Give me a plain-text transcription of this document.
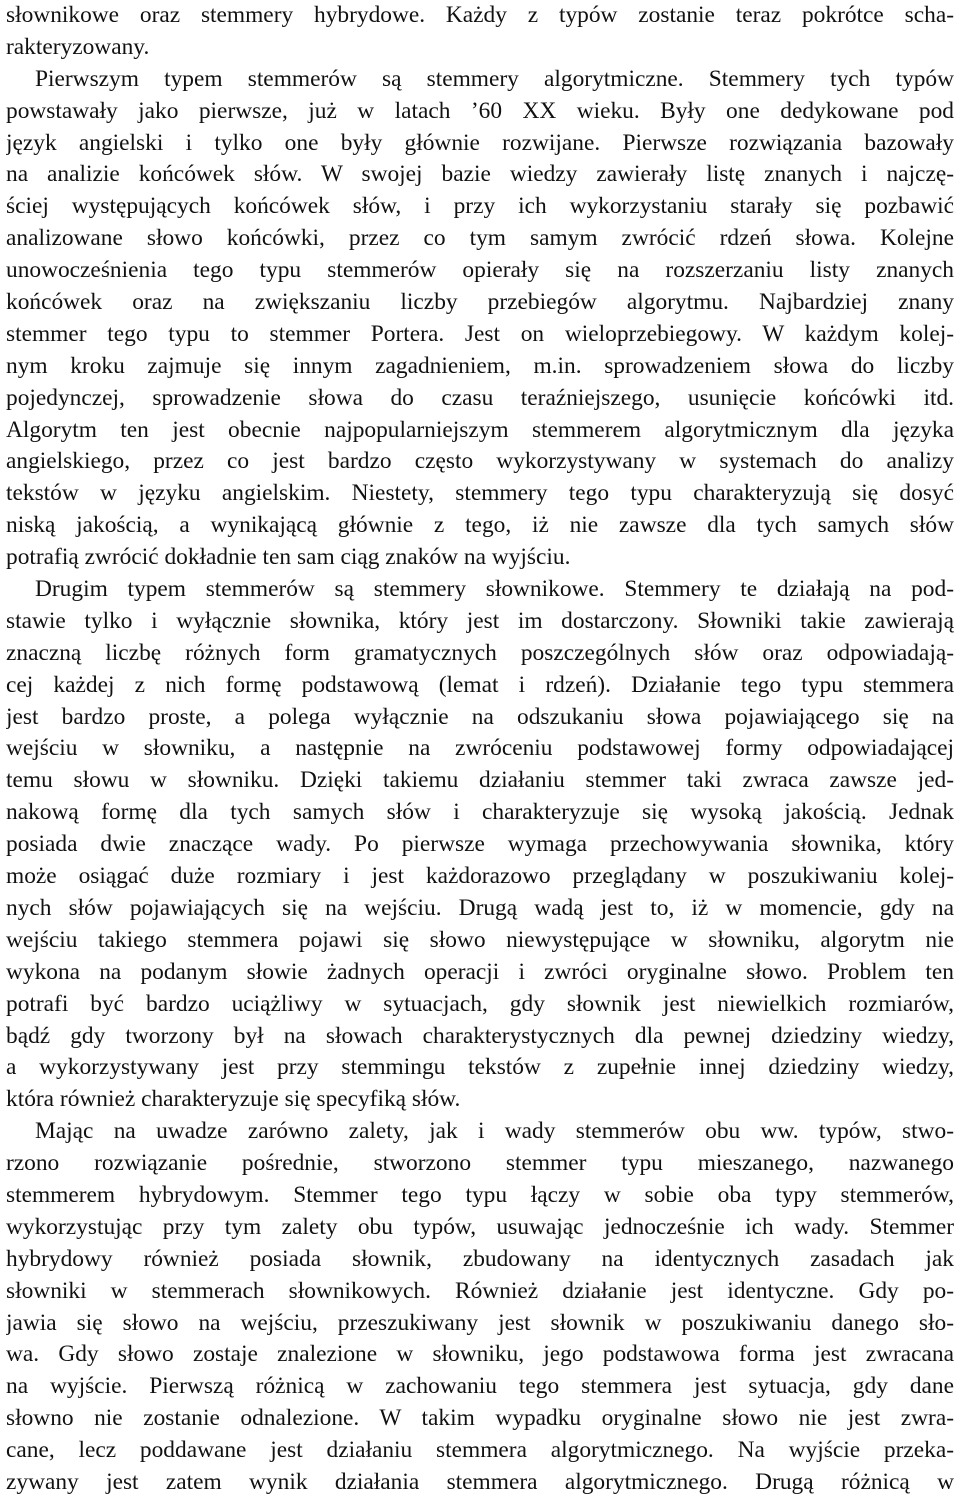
słownikowe oraz stemmery hybrydowe. Każdy z typów zostanie teraz pokrótce scha-
rakteryzowany.
Pierwszym typem stemmerów są stemmery algorytmiczne. Stemmery tych typów
powstawały jako pierwsze, już w latach ’60 XX wieku. Były one dedykowane pod
język angielski i tylko one były głównie rozwijane. Pierwsze rozwiązania bazowały
na analizie końcówek słów. W swojej bazie wiedzy zawierały listę znanych i najczę-
ściej występujących końcówek słów, i przy ich wykorzystaniu starały się pozbawić
analizowane słowo końcówki, przez co tym samym zwrócić rdzeń słowa. Kolejne
unowocześnienia tego typu stemmerów opierały się na rozszerzaniu listy znanych
końcówek oraz na zwiększaniu liczby przebiegów algorytmu. Najbardziej znany
stemmer tego typu to stemmer Portera. Jest on wieloprzebiegowy. W każdym kolej-
nym kroku zajmuje się innym zagadnieniem, m.in. sprowadzeniem słowa do liczby
pojedynczej, sprowadzenie słowa do czasu teraźniejszego, usunięcie końcówki itd.
Algorytm ten jest obecnie najpopularniejszym stemmerem algorytmicznym dla języka
angielskiego, przez co jest bardzo często wykorzystywany w systemach do analizy
tekstów w języku angielskim. Niestety, stemmery tego typu charakteryzują się dosyć
niską jakością, a wynikającą głównie z tego, iż nie zawsze dla tych samych słów
potrafią zwrócić dokładnie ten sam ciąg znaków na wyjściu.
Drugim typem stemmerów są stemmery słownikowe. Stemmery te działają na pod-
stawie tylko i wyłącznie słownika, który jest im dostarczony. Słowniki takie zawierają
znaczną liczbę różnych form gramatycznych poszczególnych słów oraz odpowiadają-
cej każdej z nich formę podstawową (lemat i rdzeń). Działanie tego typu stemmera
jest bardzo proste, a polega wyłącznie na odszukaniu słowa pojawiającego się na
wejściu w słowniku, a następnie na zwróceniu podstawowej formy odpowiadającej
temu słowu w słowniku. Dzięki takiemu działaniu stemmer taki zwraca zawsze jed-
nakową formę dla tych samych słów i charakteryzuje się wysoką jakością. Jednak
posiada dwie znaczące wady. Po pierwsze wymaga przechowywania słownika, który
może osiągać duże rozmiary i jest każdorazowo przeglądany w poszukiwaniu kolej-
nych słów pojawiających się na wejściu. Drugą wadą jest to, iż w momencie, gdy na
wejściu takiego stemmera pojawi się słowo niewystępujące w słowniku, algorytm nie
wykona na podanym słowie żadnych operacji i zwróci oryginalne słowo. Problem ten
potrafi być bardzo uciążliwy w sytuacjach, gdy słownik jest niewielkich rozmiarów,
bądź gdy tworzony był na słowach charakterystycznych dla pewnej dziedziny wiedzy,
a wykorzystywany jest przy stemmingu tekstów z zupełnie innej dziedziny wiedzy,
która również charakteryzuje się specyfiką słów.
Mając na uwadze zarówno zalety, jak i wady stemmerów obu ww. typów, stwo-
rzono rozwiązanie pośrednie, stworzono stemmer typu mieszanego, nazwanego
stemmerem hybrydowym. Stemmer tego typu łączy w sobie oba typy stemmerów,
wykorzystując przy tym zalety obu typów, usuwając jednocześnie ich wady. Stemmer
hybrydowy również posiada słownik, zbudowany na identycznych zasadach jak
słowniki w stemmerach słownikowych. Również działanie jest identyczne. Gdy po-
jawia się słowo na wejściu, przeszukiwany jest słownik w poszukiwaniu danego sło-
wa. Gdy słowo zostaje znalezione w słowniku, jego podstawowa forma jest zwracana
na wyjście. Pierwszą różnicą w zachowaniu tego stemmera jest sytuacja, gdy dane
słowno nie zostanie odnalezione. W takim wypadku oryginalne słowo nie jest zwra-
cane, lecz poddawane jest działaniu stemmera algorytmicznego. Na wyjście przeka-
zywany jest zatem wynik działania stemmera algorytmicznego. Drugą różnicą w
